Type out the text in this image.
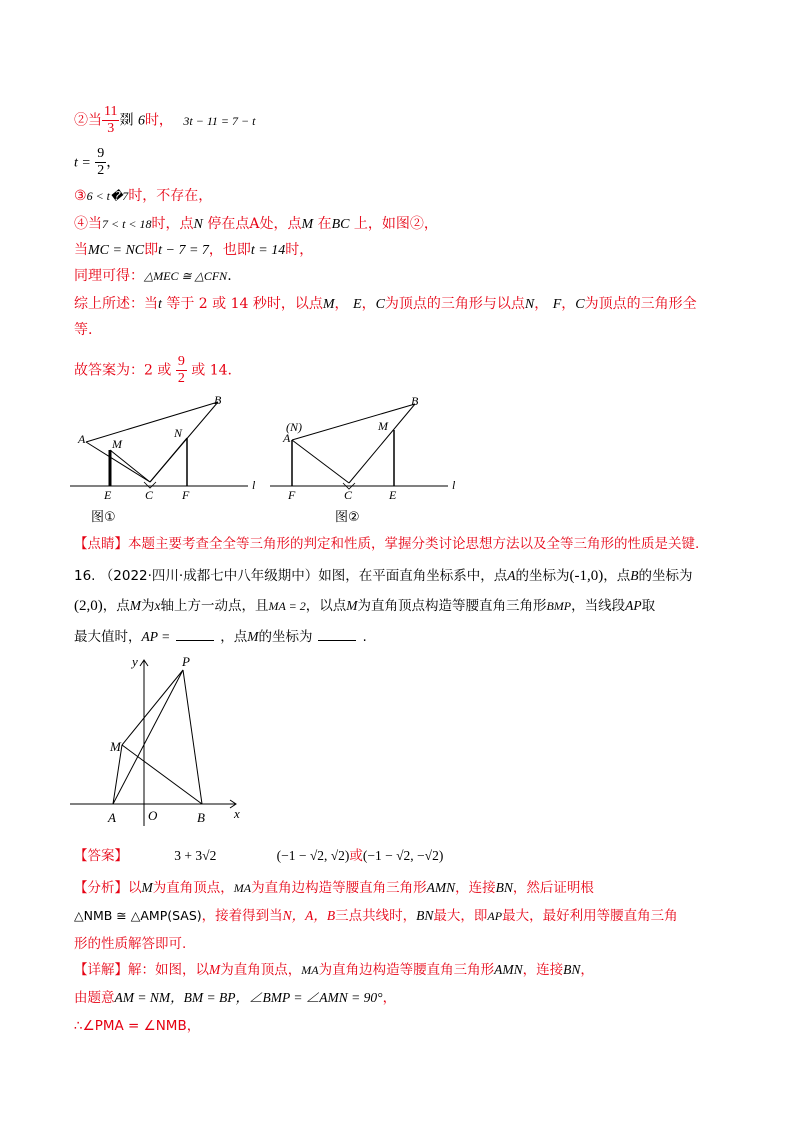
②当 $\frac{11}{3}$ 剟 6时， 3t − 11 = 7 − t
$t = \frac{9}{2}$ ，
③6 < t�7时，不存在，
④当7 < t < 18时，点N 停在点A处，点M 在BC 上，如图②，
当MC = NC即t − 7 = 7，也即t = 14时，
同理可得：△MEC ≅ △CFN.
综上所述：当t 等于 2 或 14 秒时，以点M， E，C为顶点的三角形与以点N， F，C为顶点的三角形全
等.
故答案为：2 或 $\frac{9}{2}$ 或 14.
A
B
M
N
E	C F
l
图①
A
(N)
B
M
F	C	E
l
图②
【点睛】本题主要考查全全等三角形的判定和性质，掌握分类讨论思想方法以及全等三角形的性质是关键.
16. （2022·四川·成都七中八年级期中）如图，在平面直角坐标系中，点A的坐标为(-1,0)，点B的坐标为
(2,0)，点M为x轴上方一动点，且MA = 2，以点M为直角顶点构造等腰直角三角形BMP，当线段AP取
最大值时，AP =	，点M的坐标为	.
y	P
M
A O	B x
【答案】	3 + 3√2	(−1 − √2, √2)或(−1 − √2, −√2)
【分析】以M为直角顶点，MA为直角边构造等腰直角三角形AMN，连接BN，然后证明根
△NMB ≅ △AMP(SAS)，接着得到当N，A，B三点共线时，BN最大，即AP最大，最好利用等腰直角三角
形的性质解答即可.
【详解】解：如图，以M为直角顶点，MA为直角边构造等腰直角三角形AMN，连接BN，
由题意AM = NM，BM = BP，∠BMP = ∠AMN = 90°，
∴∠PMA = ∠NMB，
